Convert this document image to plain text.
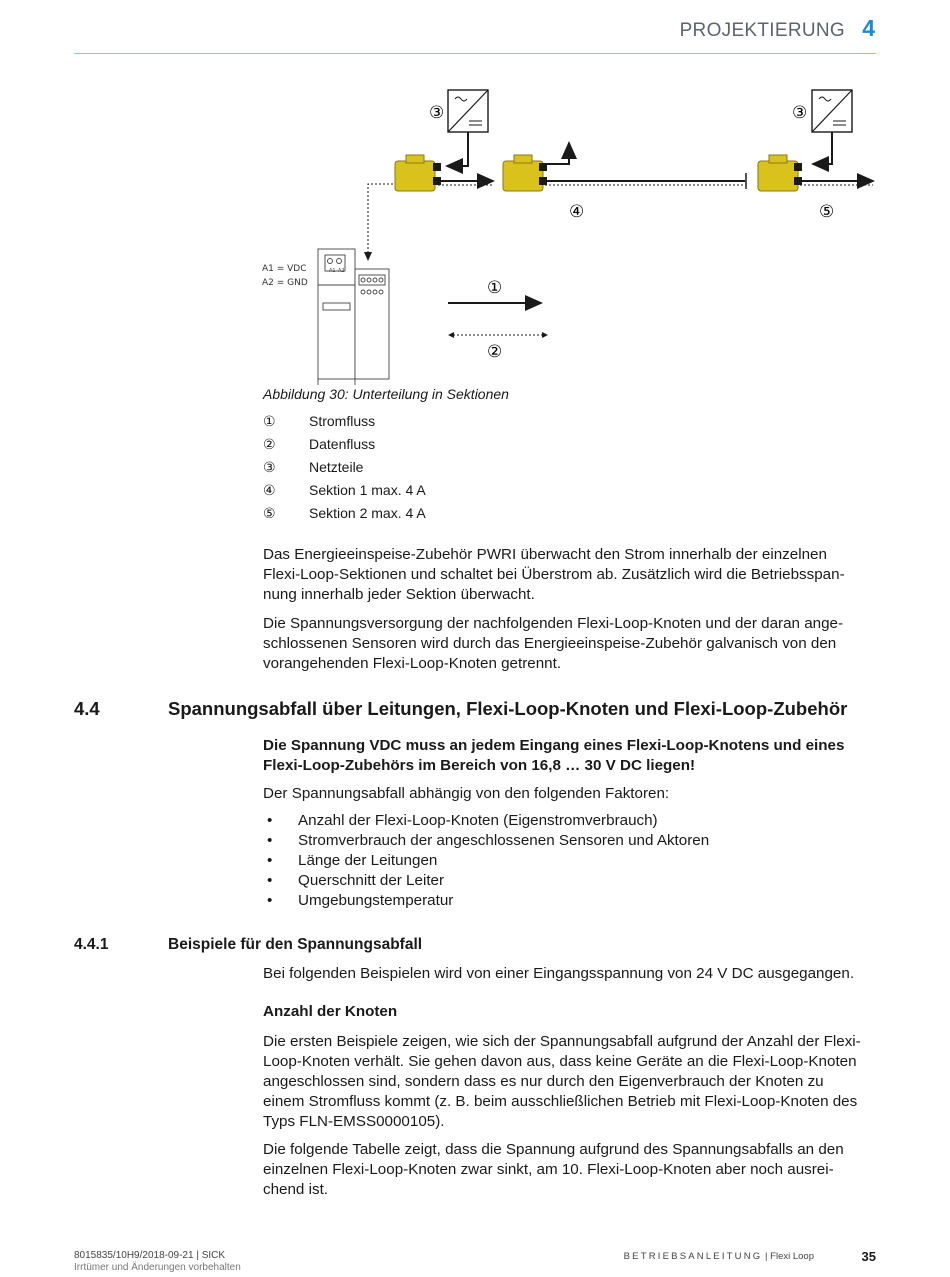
PROJEKTIERUNG 4
③	③
④	⑤
A1 A2
A1 = VDC
A2 = GND	①
②
Abbildung 30: Unterteilung in Sektionen
① Stromfluss
② Datenfluss
③ Netzteile
④ Sektion 1 max. 4 A
⑤ Sektion 2 max. 4 A
Das Energieeinspeise-Zubehör PWRI überwacht den Strom innerhalb der einzelnen Flexi-Loop-Sektionen und schaltet bei Überstrom ab. Zusätzlich wird die Betriebsspannung innerhalb jeder Sektion überwacht.
Die Spannungsversorgung der nachfolgenden Flexi-Loop-Knoten und der daran angeschlossenen Sensoren wird durch das Energieeinspeise-Zubehör galvanisch von den vorangehenden Flexi-Loop-Knoten getrennt.
4.4	Spannungsabfall über Leitungen, Flexi-Loop-Knoten und Flexi-Loop-Zubehör
Die Spannung VDC muss an jedem Eingang eines Flexi-Loop-Knotens und eines Flexi-Loop-Zubehörs im Bereich von 16,8 … 30 V DC liegen!
Der Spannungsabfall abhängig von den folgenden Faktoren:
• Anzahl der Flexi-Loop-Knoten (Eigenstromverbrauch)
• Stromverbrauch der angeschlossenen Sensoren und Aktoren
• Länge der Leitungen
• Querschnitt der Leiter
• Umgebungstemperatur
4.4.1	Beispiele für den Spannungsabfall
Bei folgenden Beispielen wird von einer Eingangsspannung von 24 V DC ausgegangen.
Anzahl der Knoten
Die ersten Beispiele zeigen, wie sich der Spannungsabfall aufgrund der Anzahl der Flexi-Loop-Knoten verhält. Sie gehen davon aus, dass keine Geräte an die Flexi-Loop-Knoten angeschlossen sind, sondern dass es nur durch den Eigenverbrauch der Knoten zu einem Stromfluss kommt (z. B. beim ausschließlichen Betrieb mit Flexi-Loop-Knoten des Typs FLN-EMSS0000105).
Die folgende Tabelle zeigt, dass die Spannung aufgrund des Spannungsabfalls an den einzelnen Flexi-Loop-Knoten zwar sinkt, am 10. Flexi-Loop-Knoten aber noch ausreichend ist.
8015835/10H9/2018-09-21 | SICK
Irrtümer und Änderungen vorbehalten
BETRIEBSANLEITUNG | Flexi Loop	35
